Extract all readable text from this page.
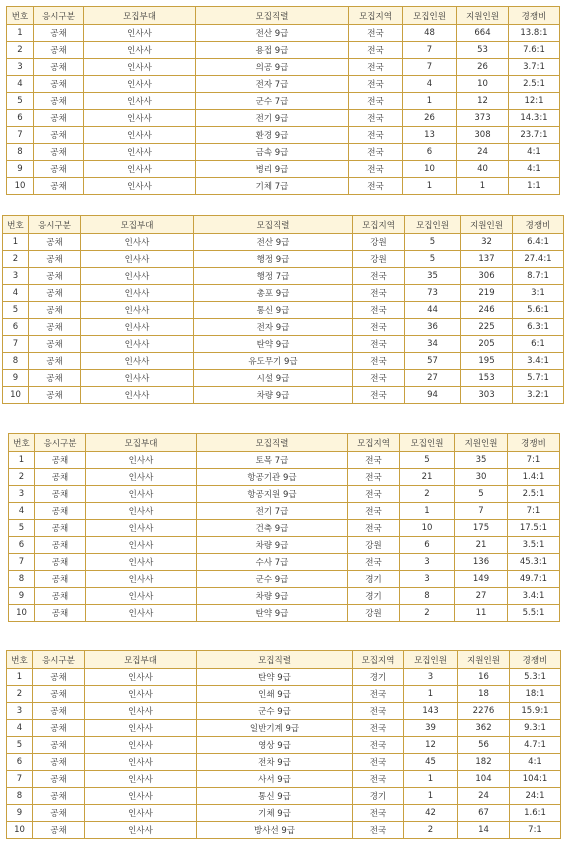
번호	응시구분	모집부대	모집직렬	모집지역	모집인원	지원인원	경쟁비
1	공채	인사사	전산 9급	전국	48	664	13.8:1
2	공채	인사사	용접 9급	전국	7	53	7.6:1
3	공채	인사사	의공 9급	전국	7	26	3.7:1
4	공채	인사사	전자 7급	전국	4	10	2.5:1
5	공채	인사사	군수 7급	전국	1	12	12:1
6	공채	인사사	전기 9급	전국	26	373	14.3:1
7	공채	인사사	환경 9급	전국	13	308	23.7:1
8	공채	인사사	금속 9급	전국	6	24	4:1
9	공채	인사사	병리 9급	전국	10	40	4:1
10	공채	인사사	기체 7급	전국	1	1	1:1
번호	응시구분	모집부대	모집직렬	모집지역	모집인원	지원인원	경쟁비
1	공채	인사사	전산 9급	강원	5	32	6.4:1
2	공채	인사사	행정 9급	강원	5	137	27.4:1
3	공채	인사사	행정 7급	전국	35	306	8.7:1
4	공채	인사사	총포 9급	전국	73	219	3:1
5	공채	인사사	통신 9급	전국	44	246	5.6:1
6	공채	인사사	전자 9급	전국	36	225	6.3:1
7	공채	인사사	탄약 9급	전국	34	205	6:1
8	공채	인사사	유도무기 9급	전국	57	195	3.4:1
9	공채	인사사	시설 9급	전국	27	153	5.7:1
10	공채	인사사	차량 9급	전국	94	303	3.2:1
번호	응시구분	모집부대	모집직렬	모집지역	모집인원	지원인원	경쟁비
1	공채	인사사	토목 7급	전국	5	35	7:1
2	공채	인사사	항공기관 9급	전국	21	30	1.4:1
3	공채	인사사	항공지원 9급	전국	2	5	2.5:1
4	공채	인사사	전기 7급	전국	1	7	7:1
5	공채	인사사	건축 9급	전국	10	175	17.5:1
6	공채	인사사	차량 9급	강원	6	21	3.5:1
7	공채	인사사	수사 7급	전국	3	136	45.3:1
8	공채	인사사	군수 9급	경기	3	149	49.7:1
9	공채	인사사	차량 9급	경기	8	27	3.4:1
10	공채	인사사	탄약 9급	강원	2	11	5.5:1
번호	응시구분	모집부대	모집직렬	모집지역	모집인원	지원인원	경쟁비
1	공채	인사사	탄약 9급	경기	3	16	5.3:1
2	공채	인사사	인쇄 9급	전국	1	18	18:1
3	공채	인사사	군수 9급	전국	143	2276	15.9:1
4	공채	인사사	일반기계 9급	전국	39	362	9.3:1
5	공채	인사사	영상 9급	전국	12	56	4.7:1
6	공채	인사사	전차 9급	전국	45	182	4:1
7	공채	인사사	사서 9급	전국	1	104	104:1
8	공채	인사사	통신 9급	경기	1	24	24:1
9	공채	인사사	기체 9급	전국	42	67	1.6:1
10	공채	인사사	방사선 9급	전국	2	14	7:1
